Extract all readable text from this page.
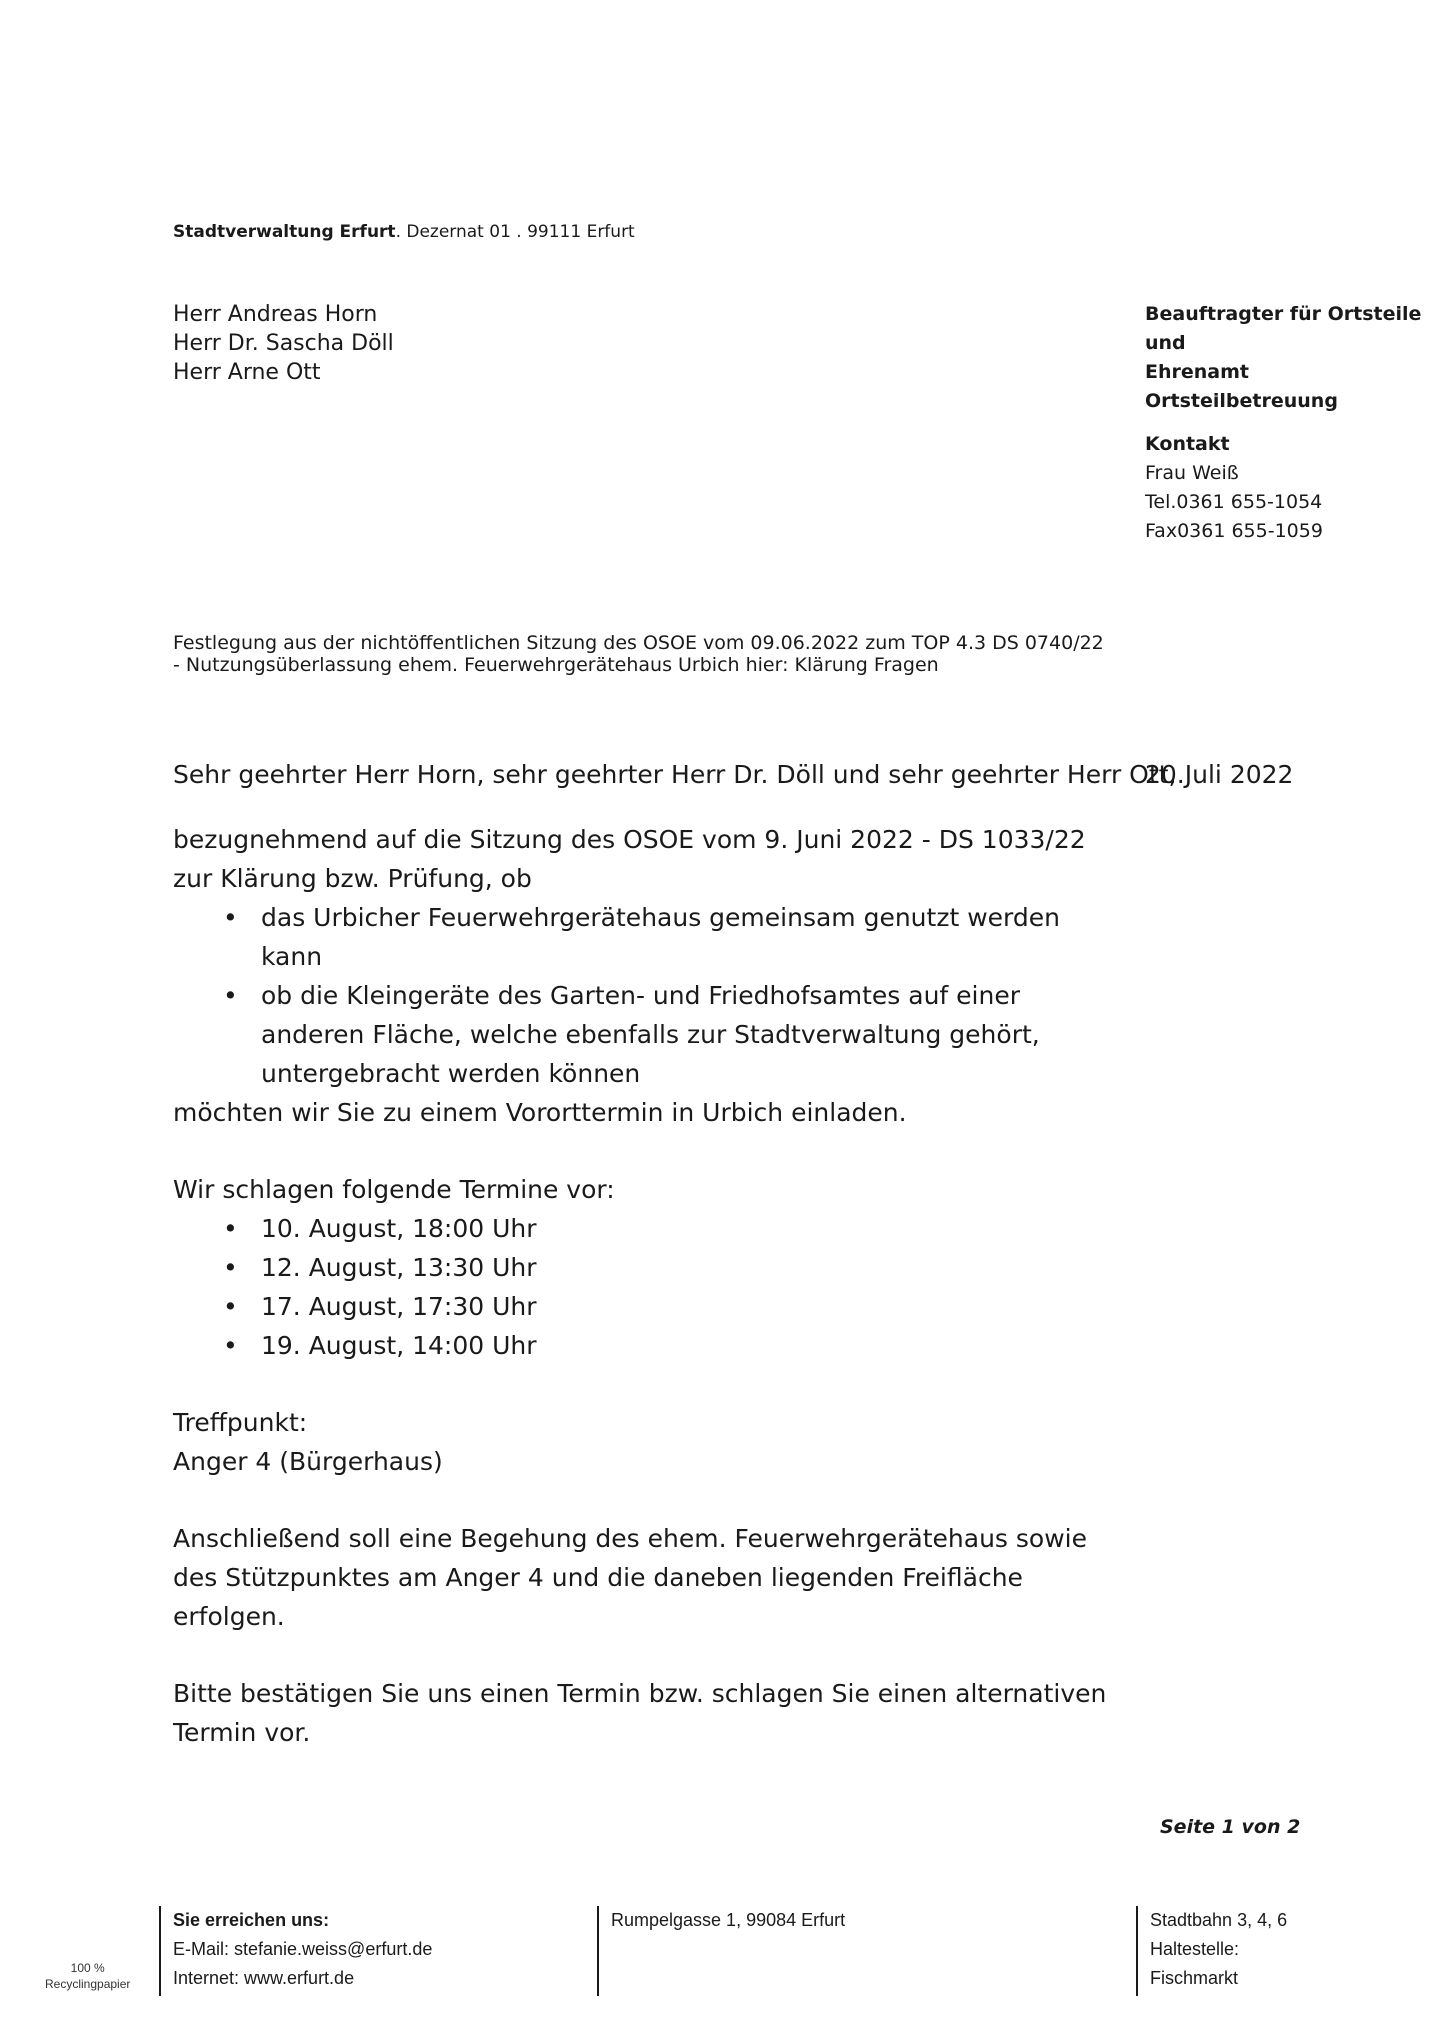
Stadtverwaltung Erfurt. Dezernat 01 . 99111 Erfurt
Herr Andreas Horn
Herr Dr. Sascha Döll
Herr Arne Ott
Beauftragter für Ortsteile
und
Ehrenamt
Ortsteilbetreuung
Kontakt
Frau Weiß
Tel.0361 655-1054
Fax0361 655-1059
Festlegung aus der nichtöffentlichen Sitzung des OSOE vom 09.06.2022 zum TOP 4.3 DS 0740/22
- Nutzungsüberlassung ehem. Feuerwehrgerätehaus Urbich hier: Klärung Fragen
Sehr geehrter Herr Horn, sehr geehrter Herr Dr. Döll und sehr geehrter Herr Ott,
20.Juli 2022

bezugnehmend auf die Sitzung des OSOE vom 9. Juni 2022 - DS 1033/22 zur Klärung bzw. Prüfung, ob

• das Urbicher Feuerwehrgerätehaus gemeinsam genutzt werden kann
• ob die Kleingeräte des Garten- und Friedhofsamtes auf einer anderen Fläche, welche ebenfalls zur Stadtverwaltung gehört, untergebracht werden können

möchten wir Sie zu einem Vororttermin in Urbich einladen.

Wir schlagen folgende Termine vor:

• 10. August, 18:00 Uhr
• 12. August, 13:30 Uhr
• 17. August, 17:30 Uhr
• 19. August, 14:00 Uhr

Treffpunkt:

Anger 4 (Bürgerhaus)

Anschließend soll eine Begehung des ehem. Feuerwehrgerätehaus sowie des Stützpunktes am Anger 4 und die daneben liegenden Freifläche erfolgen.

Bitte bestätigen Sie uns einen Termin bzw. schlagen Sie einen alternativen Termin vor.

Seite 1 von 2
100 %
Recyclingpapier
Sie erreichen uns:
E-Mail: stefanie.weiss@erfurt.de
Internet: www.erfurt.de
Rumpelgasse 1, 99084 Erfurt	Stadtbahn 3, 4, 6
Haltestelle:
Fischmarkt
